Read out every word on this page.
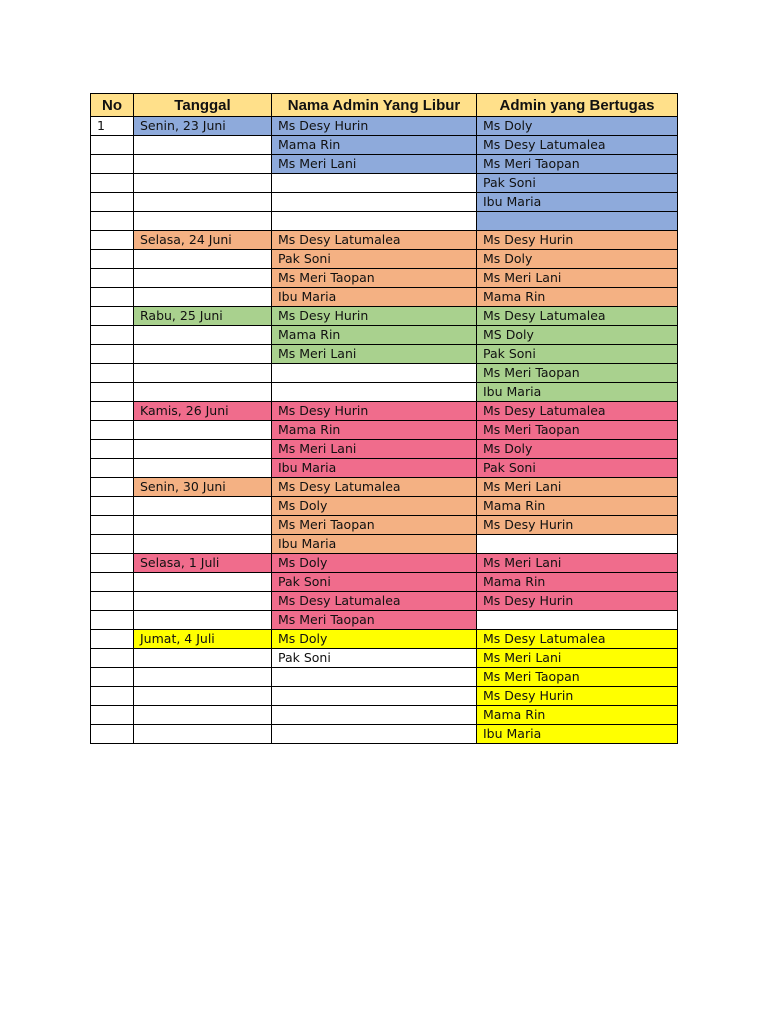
No	Tanggal	Nama Admin Yang Libur	Admin yang Bertugas
1	Senin, 23 Juni	Ms Desy Hurin	Ms Doly
		Mama Rin	Ms Desy Latumalea
		Ms Meri Lani	Ms Meri Taopan
			Pak Soni
			Ibu Maria

	Selasa, 24 Juni	Ms Desy Latumalea	Ms Desy Hurin
		Pak Soni	Ms Doly
		Ms Meri Taopan	Ms Meri Lani
		Ibu Maria	Mama Rin
	Rabu, 25 Juni	Ms Desy Hurin	Ms Desy Latumalea
		Mama Rin	MS Doly
		Ms Meri Lani	Pak Soni
			Ms Meri Taopan
			Ibu Maria
	Kamis, 26 Juni	Ms Desy Hurin	Ms Desy Latumalea
		Mama Rin	Ms Meri Taopan
		Ms Meri Lani	Ms Doly
		Ibu Maria	Pak Soni
	Senin, 30 Juni	Ms Desy Latumalea	Ms Meri Lani
		Ms Doly	Mama Rin
		Ms Meri Taopan	Ms Desy Hurin
		Ibu Maria	
	Selasa, 1 Juli	Ms Doly	Ms Meri Lani
		Pak Soni	Mama Rin
		Ms Desy Latumalea	Ms Desy Hurin
		Ms Meri Taopan	
	Jumat, 4 Juli	Ms Doly	Ms Desy Latumalea
		Pak Soni	Ms Meri Lani
			Ms Meri Taopan
			Ms Desy Hurin
			Mama Rin
			Ibu Maria
